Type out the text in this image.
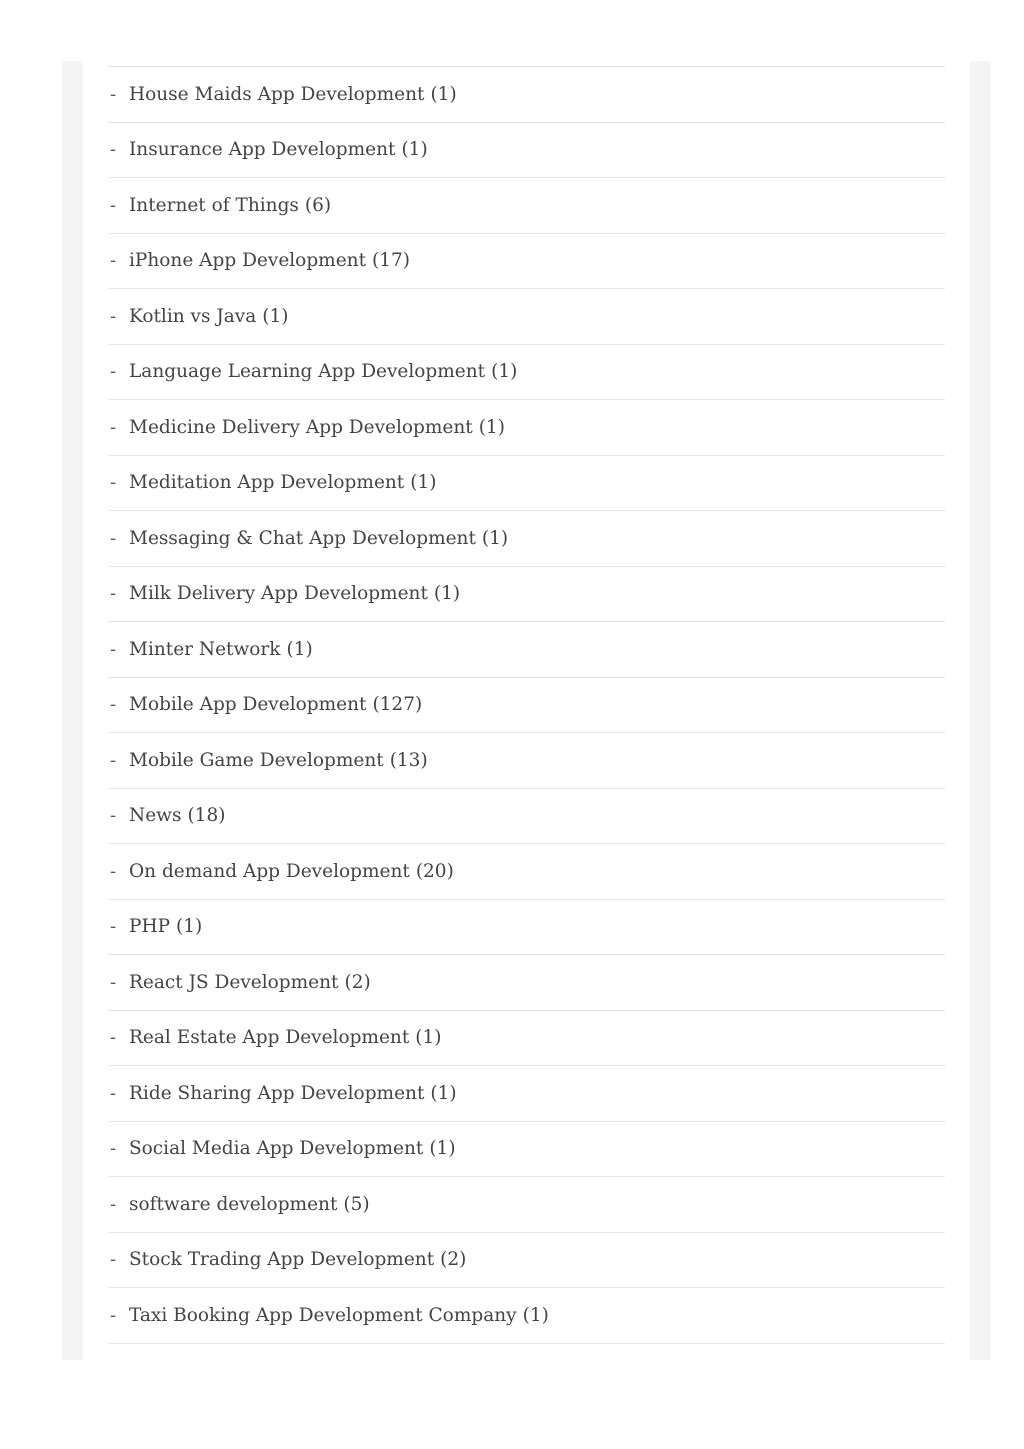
- House Maids App Development (1)
- Insurance App Development (1)
- Internet of Things (6)
- iPhone App Development (17)
- Kotlin vs Java (1)
- Language Learning App Development (1)
- Medicine Delivery App Development (1)
- Meditation App Development (1)
- Messaging & Chat App Development (1)
- Milk Delivery App Development (1)
- Minter Network (1)
- Mobile App Development (127)
- Mobile Game Development (13)
- News (18)
- On demand App Development (20)
- PHP (1)
- React JS Development (2)
- Real Estate App Development (1)
- Ride Sharing App Development (1)
- Social Media App Development (1)
- software development (5)
- Stock Trading App Development (2)
- Taxi Booking App Development Company (1)
